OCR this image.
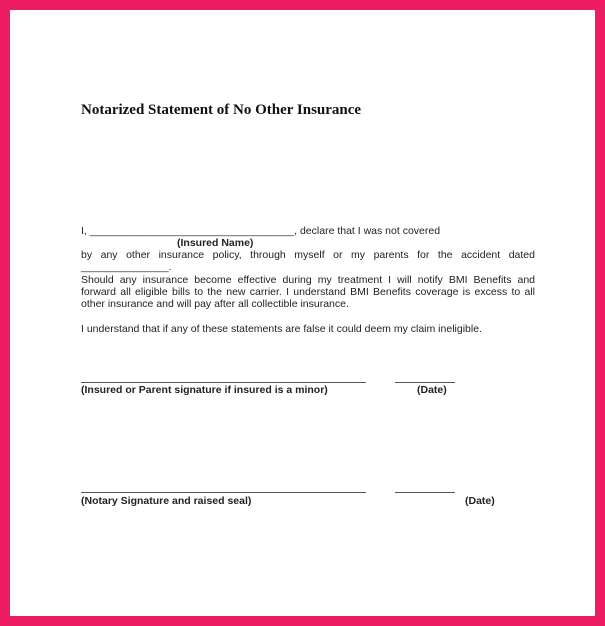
Notarized Statement of No Other Insurance
I, ___________________________________, declare that I was not covered
(Insured Name)
by any other insurance policy, through myself or my parents for the accident dated
_______________.
Should any insurance become effective during my treatment I will notify BMI Benefits and
forward all eligible bills to the new carrier. I understand BMI Benefits coverage is excess to all
other insurance and will pay after all collectible insurance.
I understand that if any of these statements are false it could deem my claim ineligible.
(Insured or Parent signature if insured is a minor)	(Date)
(Notary Signature and raised seal)	(Date)
